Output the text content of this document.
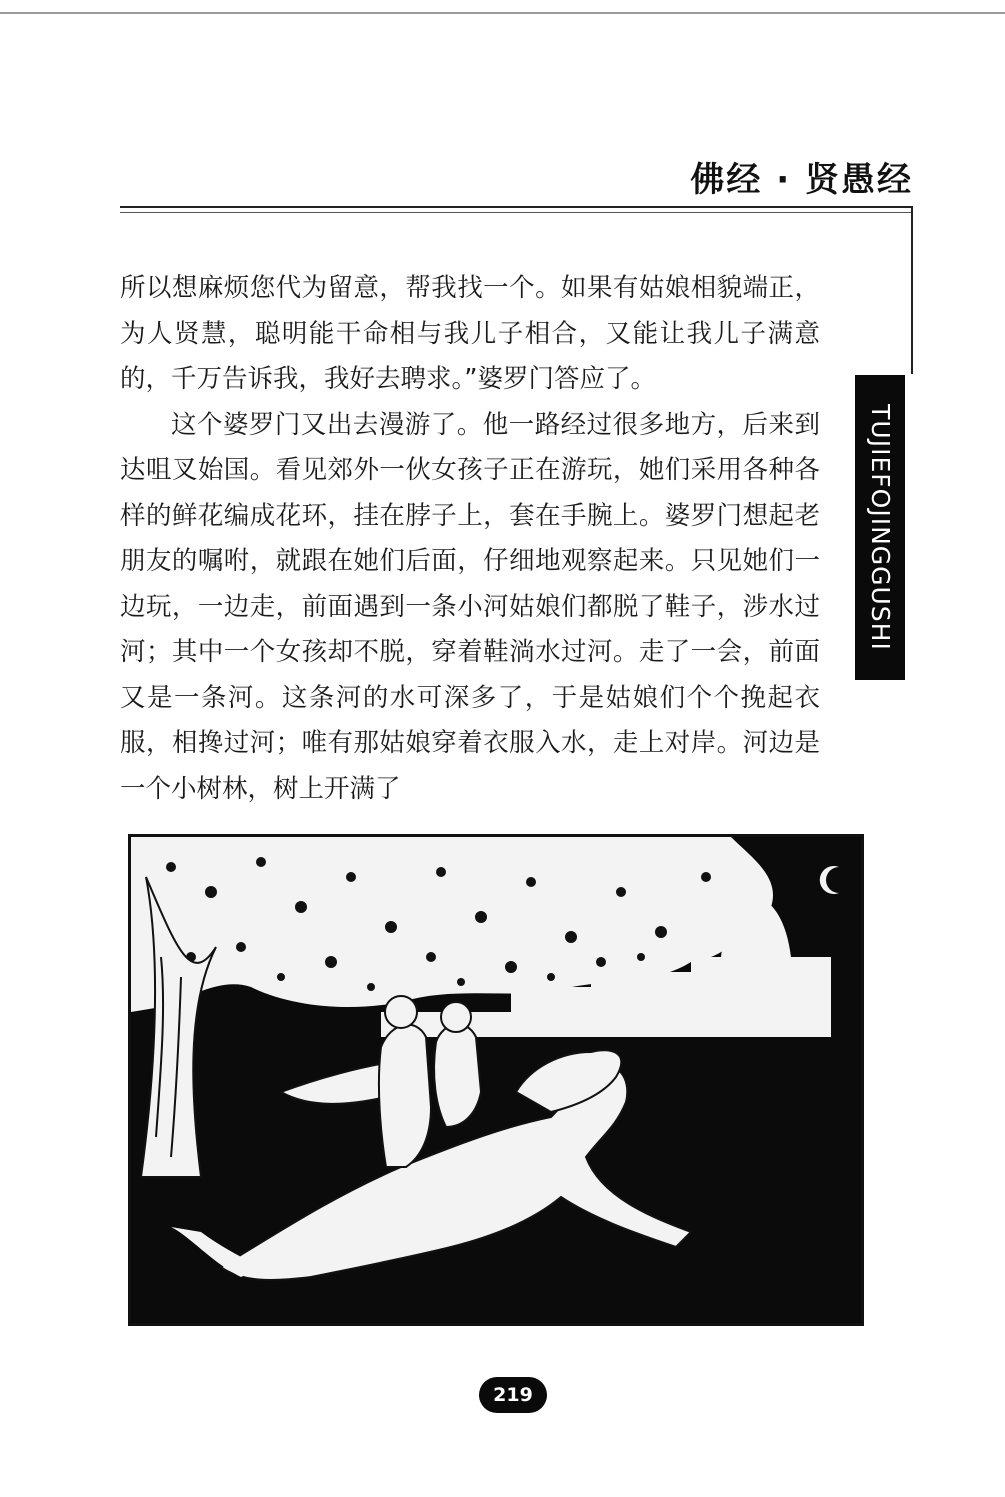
佛经 · 贤愚经
TUJIEFOJINGGUSHI

所以想麻烦您代为留意，帮我找一个。如果有姑娘相貌端正，为人贤慧，聪明能干命相与我儿子相合，又能让我儿子满意的，千万告诉我，我好去聘求。”婆罗门答应了。

这个婆罗门又出去漫游了。他一路经过很多地方，后来到达咀叉始国。看见郊外一伙女孩子正在游玩，她们采用各种各样的鲜花编成花环，挂在脖子上，套在手腕上。婆罗门想起老朋友的嘱咐，就跟在她们后面，仔细地观察起来。只见她们一边玩，一边走，前面遇到一条小河姑娘们都脱了鞋子，涉水过河；其中一个女孩却不脱，穿着鞋淌水过河。走了一会，前面又是一条河。这条河的水可深多了，于是姑娘们个个挽起衣服，相搀过河；唯有那姑娘穿着衣服入水，走上对岸。河边是一个小树林，树上开满了

219
